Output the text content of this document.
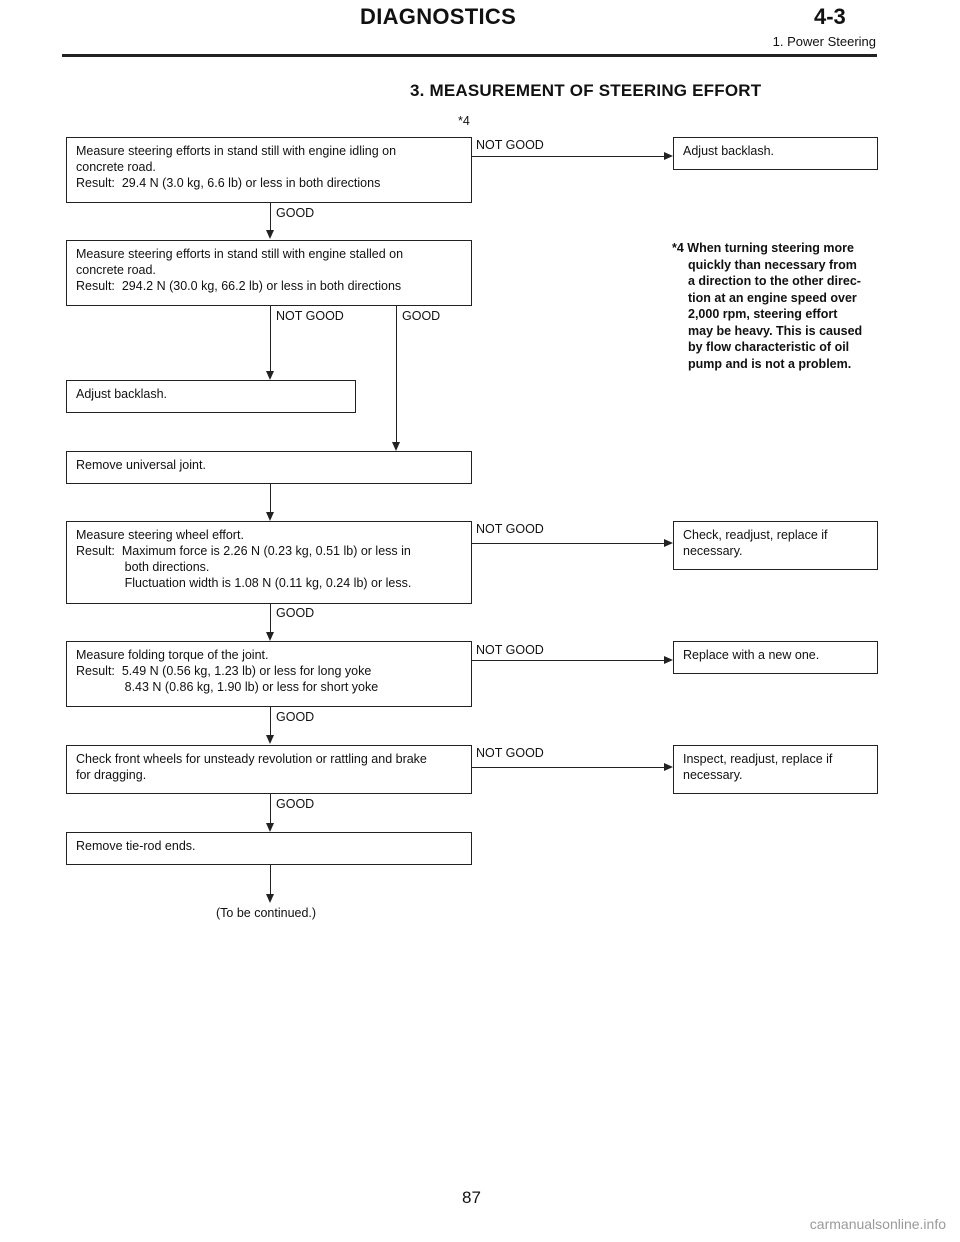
DIAGNOSTICS	4-3
1. Power Steering
3. MEASUREMENT OF STEERING EFFORT
*4
Measure steering efforts in stand still with engine idling on
concrete road.
Result:  29.4 N (3.0 kg, 6.6 lb) or less in both directions
NOT GOOD	Adjust backlash.
GOOD
Measure steering efforts in stand still with engine stalled on
concrete road.
Result:  294.2 N (30.0 kg, 66.2 lb) or less in both directions
*4 When turning steering more
quickly than necessary from
a direction to the other direc-
tion at an engine speed over
2,000 rpm, steering effort
may be heavy. This is caused
by flow characteristic of oil
pump and is not a problem.
NOT GOOD	GOOD
Adjust backlash.
Remove universal joint.
Measure steering wheel effort.
Result:  Maximum force is 2.26 N (0.23 kg, 0.51 lb) or less in
both directions.
Fluctuation width is 1.08 N (0.11 kg, 0.24 lb) or less.
NOT GOOD	Check, readjust, replace if
necessary.
GOOD
Measure folding torque of the joint.
Result:  5.49 N (0.56 kg, 1.23 lb) or less for long yoke
8.43 N (0.86 kg, 1.90 lb) or less for short yoke
NOT GOOD	Replace with a new one.
GOOD
Check front wheels for unsteady revolution or rattling and brake
for dragging.
NOT GOOD	Inspect, readjust, replace if
necessary.
GOOD
Remove tie-rod ends.
(To be continued.)
87
carmanualsonline.info
